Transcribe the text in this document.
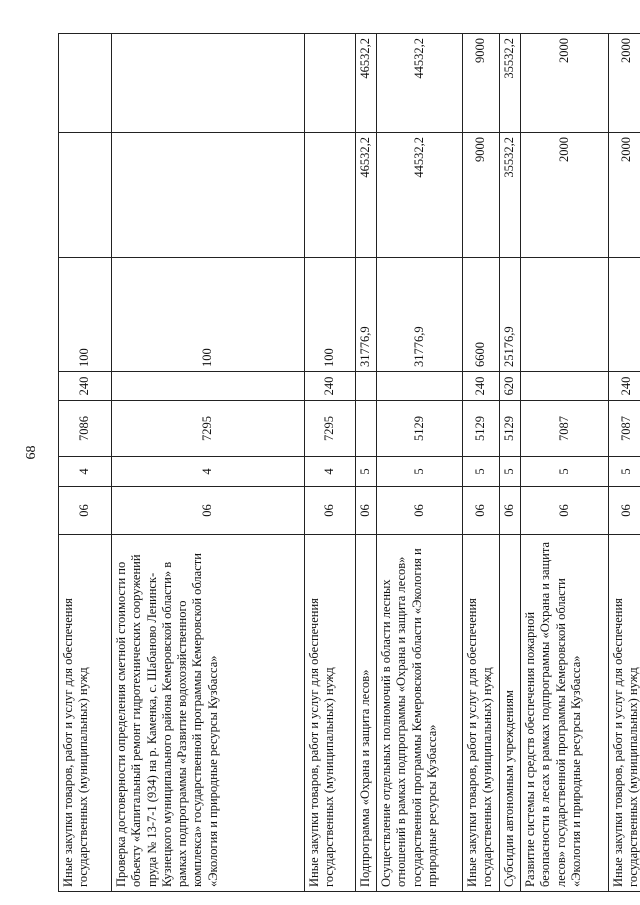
68
Иные закупки товаров, работ и услуг для обеспечения государственных (муниципальных) нужд	06	4	7086	240	100		
Проверка достоверности определения сметной стоимости по объекту «Капитальный ремонт гидротехнических сооружений пруда № 13-7-1 (934) на р. Каменка, с. Шабаново Ленинск-Кузнецкого муниципального района Кемеровской области» в рамках подпрограммы «Развитие водохозяйственного комплекса» государственной программы Кемеровской области «Экология и природные ресурсы Кузбасса»	06	4	7295		100		
Иные закупки товаров, работ и услуг для обеспечения государственных (муниципальных) нужд	06	4	7295	240	100		
Подпрограмма «Охрана и защита лесов»	06	5			31776,9	46532,2	46532,2
Осуществление отдельных полномочий в области лесных отношений в рамках подпрограммы «Охрана и защита лесов» государственной программы Кемеровской области «Экология и природные ресурсы Кузбасса»	06	5	5129		31776,9	44532,2	44532,2
Иные закупки товаров, работ и услуг для обеспечения государственных (муниципальных) нужд	06	5	5129	240	6600	9000	9000
Субсидии автономным учреждениям	06	5	5129	620	25176,9	35532,2	35532,2
Развитие системы и средств обеспечения пожарной безопасности в лесах в рамках подпрограммы «Охрана и защита лесов» государственной программы Кемеровской области «Экология и природные ресурсы Кузбасса»	06	5	7087			2000	2000
Иные закупки товаров, работ и услуг для обеспечения государственных (муниципальных) нужд	06	5	7087	240		2000	2000
